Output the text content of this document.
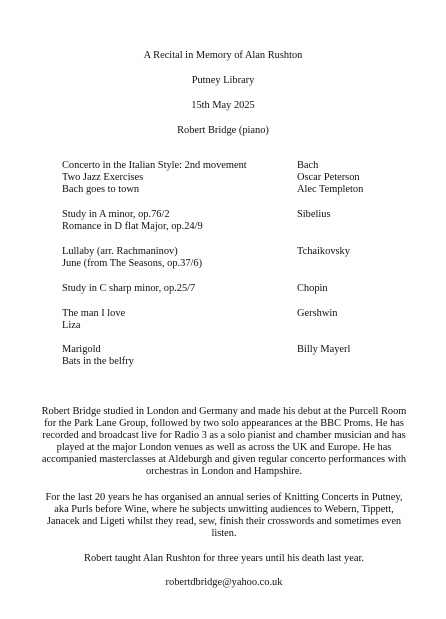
A Recital in Memory of Alan Rushton
Putney Library
15th May 2025
Robert Bridge (piano)
Concerto in the Italian Style: 2nd movement	Bach
Two Jazz Exercises	Oscar Peterson
Bach goes to town	Alec Templeton
Study in A minor, op.76/2	Sibelius
Romance in D flat Major, op.24/9
Lullaby (arr. Rachmaninov)	Tchaikovsky
June (from The Seasons, op.37/6)
Study in C sharp minor, op.25/7	Chopin
The man I love	Gershwin
Liza
Marigold	Billy Mayerl
Bats in the belfry

Robert Bridge studied in London and Germany and made his debut at the Purcell Room for the Park Lane Group, followed by two solo appearances at the BBC Proms. He has recorded and broadcast live for Radio 3 as a solo pianist and chamber musician and has played at the major London venues as well as across the UK and Europe. He has accompanied masterclasses at Aldeburgh and given regular concerto performances with orchestras in London and Hampshire.

For the last 20 years he has organised an annual series of Knitting Concerts in Putney, aka Purls before Wine, where he subjects unwitting audiences to Webern, Tippett, Janacek and Ligeti whilst they read, sew, finish their crosswords and sometimes even listen.

Robert taught Alan Rushton for three years until his death last year.

robertdbridge@yahoo.co.uk
